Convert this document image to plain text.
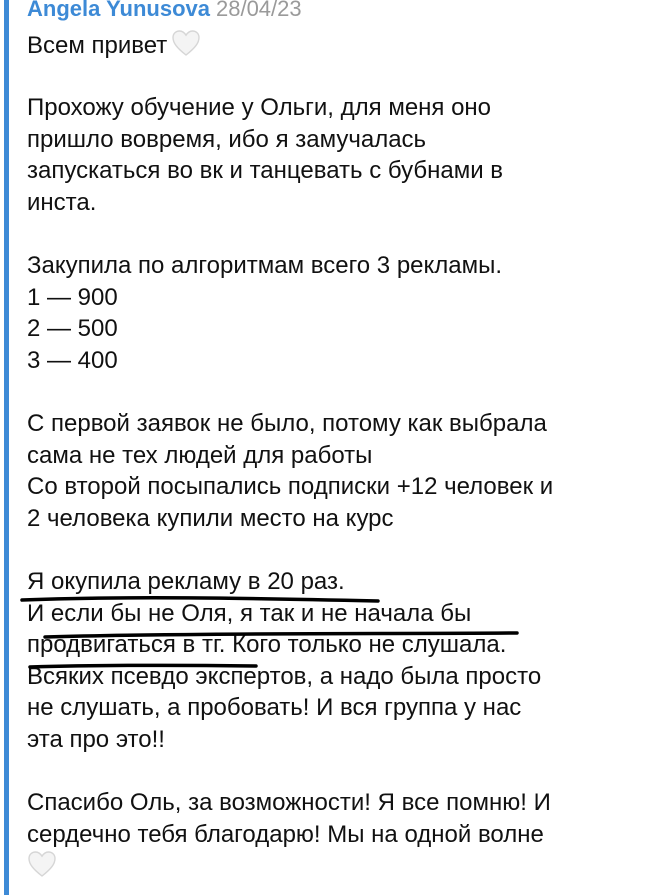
Angela Yunusova 28/04/23
Всем привет
Прохожу обучение у Ольги, для меня оно
пришло вовремя, ибо я замучалась
запускаться во вк и танцевать с бубнами в
инста.
Закупила по алгоритмам всего 3 рекламы.
1 — 900
2 — 500
3 — 400
С первой заявок не было, потому как выбрала
сама не тех людей для работы
Со второй посыпались подписки +12 человек и
2 человека купили место на курс
Я окупила рекламу в 20 раз.
И если бы не Оля, я так и не начала бы
продвигаться в тг. Кого только не слушала.
Всяких псевдо экспертов, а надо была просто
не слушать, а пробовать! И вся группа у нас
эта про это!!
Спасибо Оль, за возможности! Я все помню! И
сердечно тебя благодарю! Мы на одной волне
